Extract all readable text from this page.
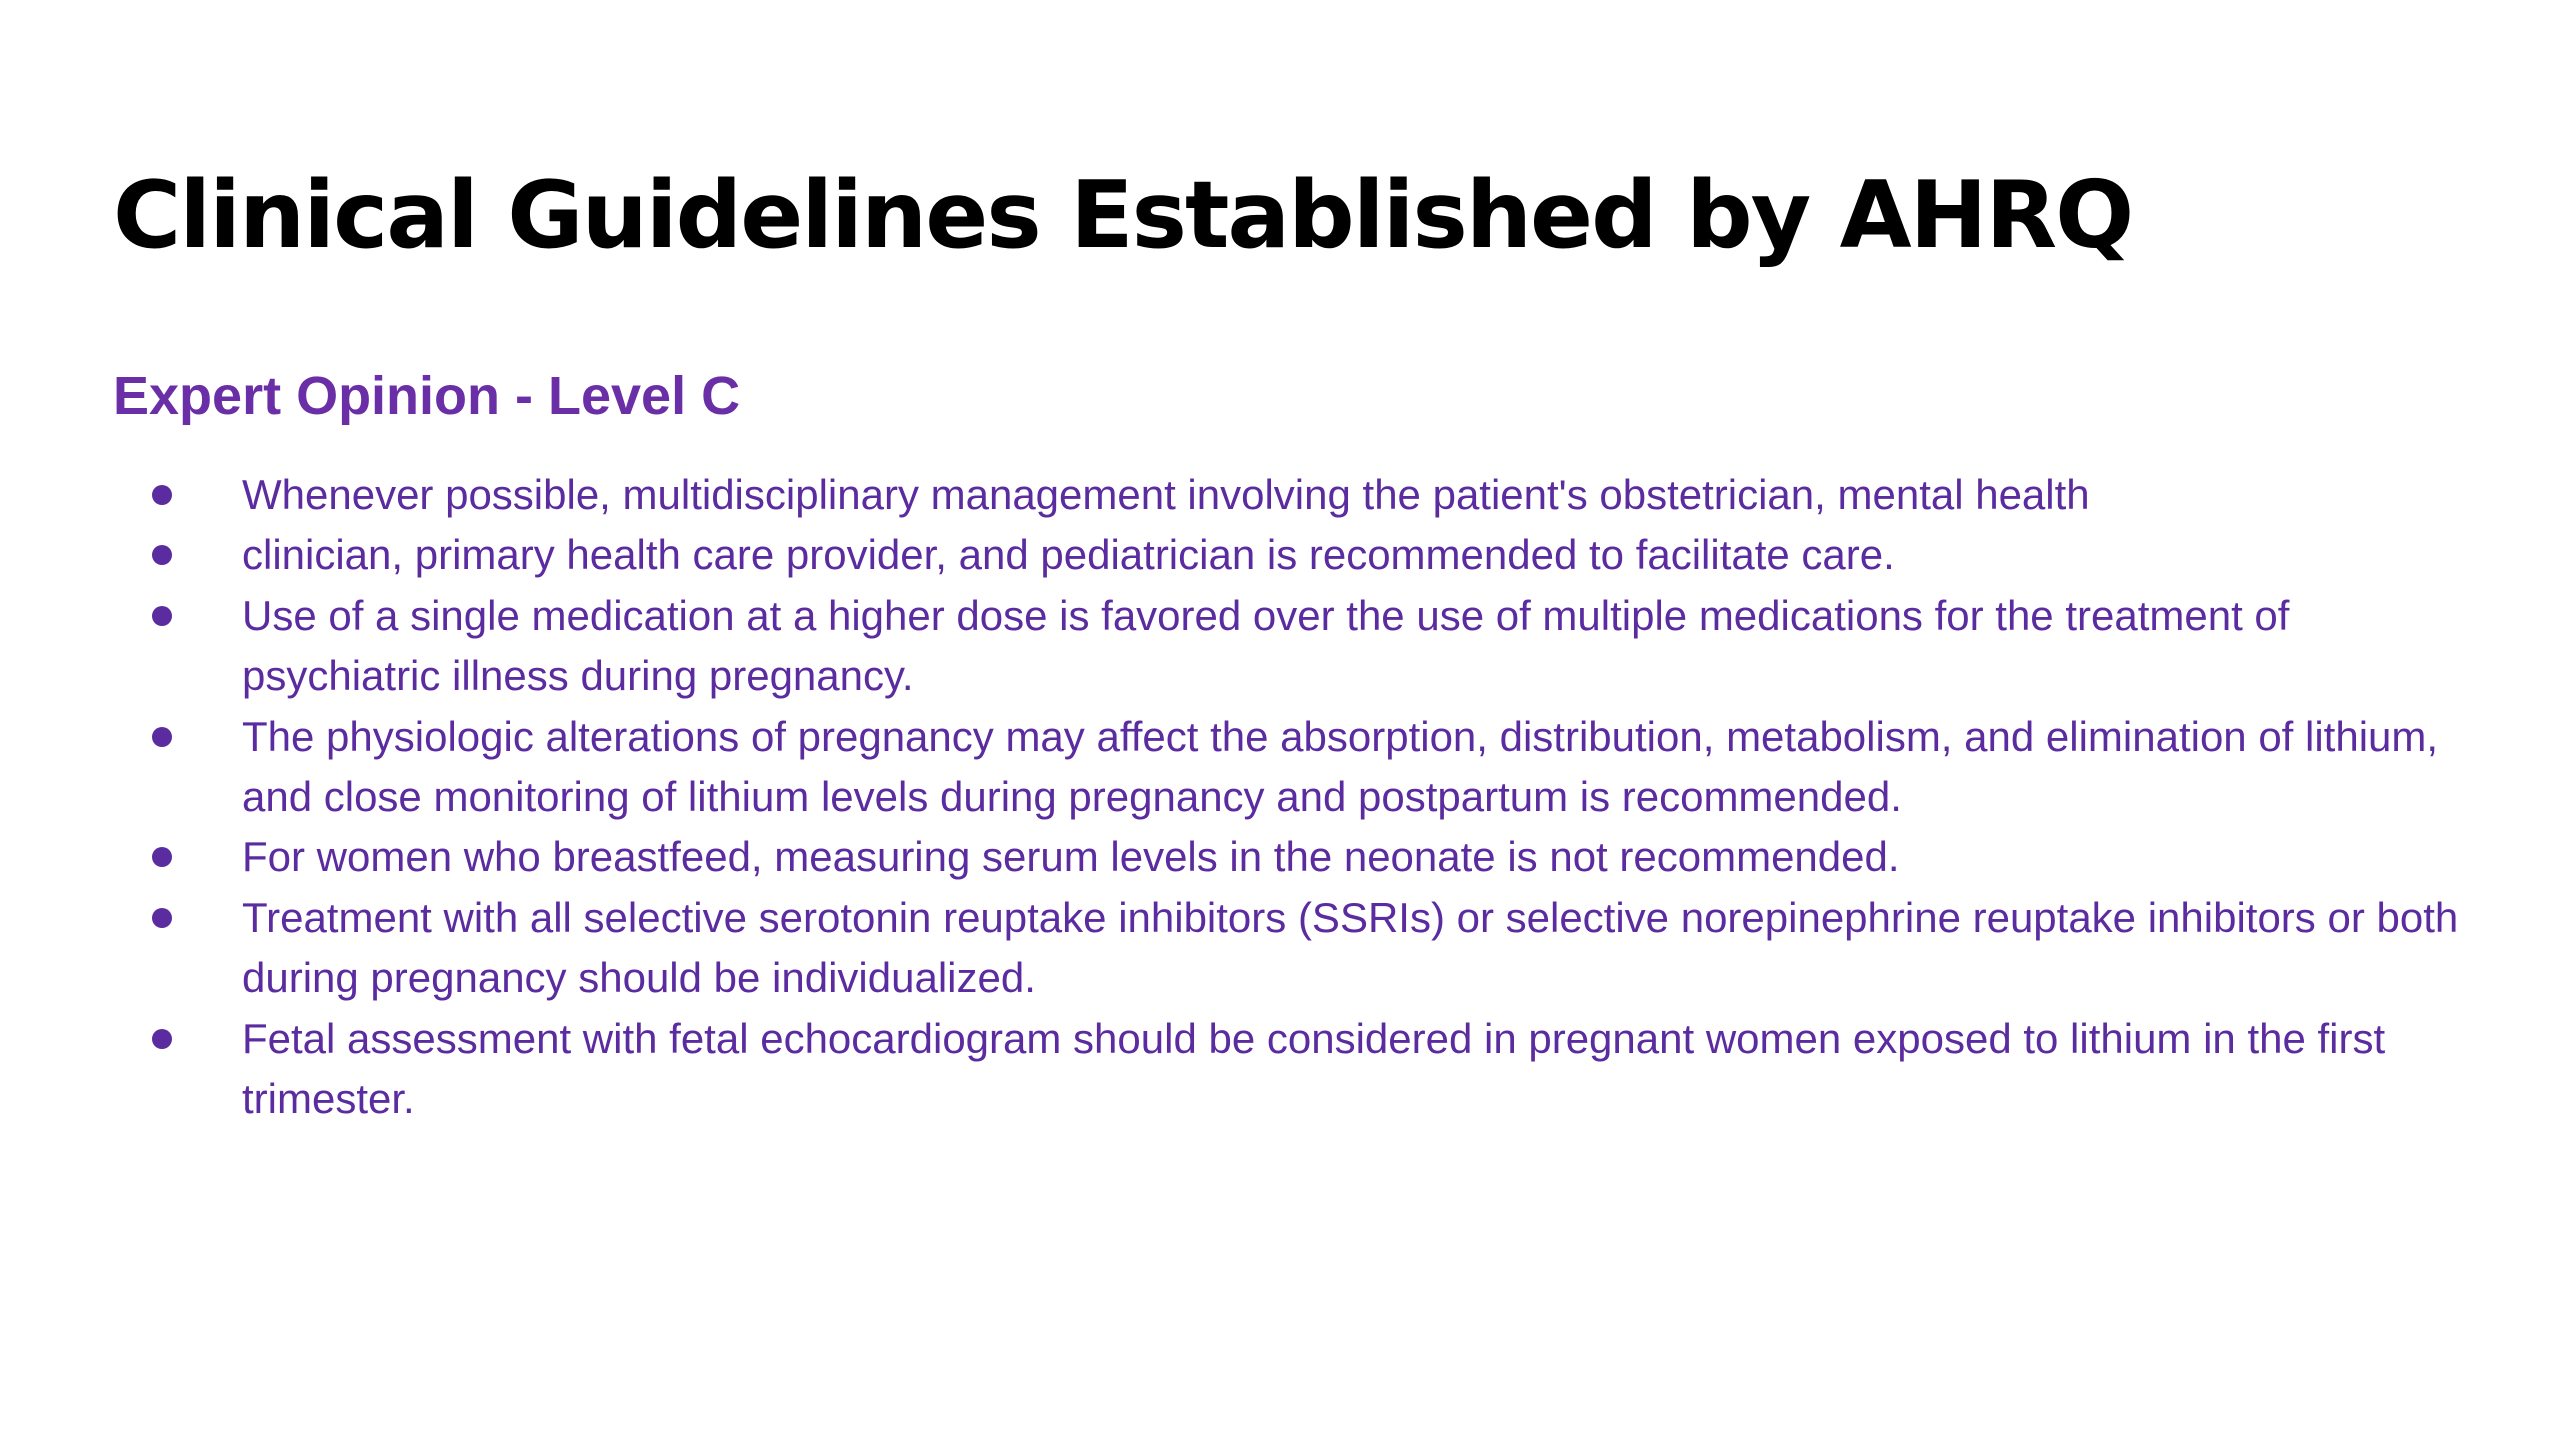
Clinical Guidelines Established by AHRQ
Expert Opinion - Level C
Whenever possible, multidisciplinary management involving the patient's obstetrician, mental health
clinician, primary health care provider, and pediatrician is recommended to facilitate care.
Use of a single medication at a higher dose is favored over the use of multiple medications for the treatment of psychiatric illness during pregnancy.
The physiologic alterations of pregnancy may affect the absorption, distribution, metabolism, and elimination of lithium, and close monitoring of lithium levels during pregnancy and postpartum is recommended.
For women who breastfeed, measuring serum levels in the neonate is not recommended.
Treatment with all selective serotonin reuptake inhibitors (SSRIs) or selective norepinephrine reuptake inhibitors or both during pregnancy should be individualized.
Fetal assessment with fetal echocardiogram should be considered in pregnant women exposed to lithium in the first trimester.
